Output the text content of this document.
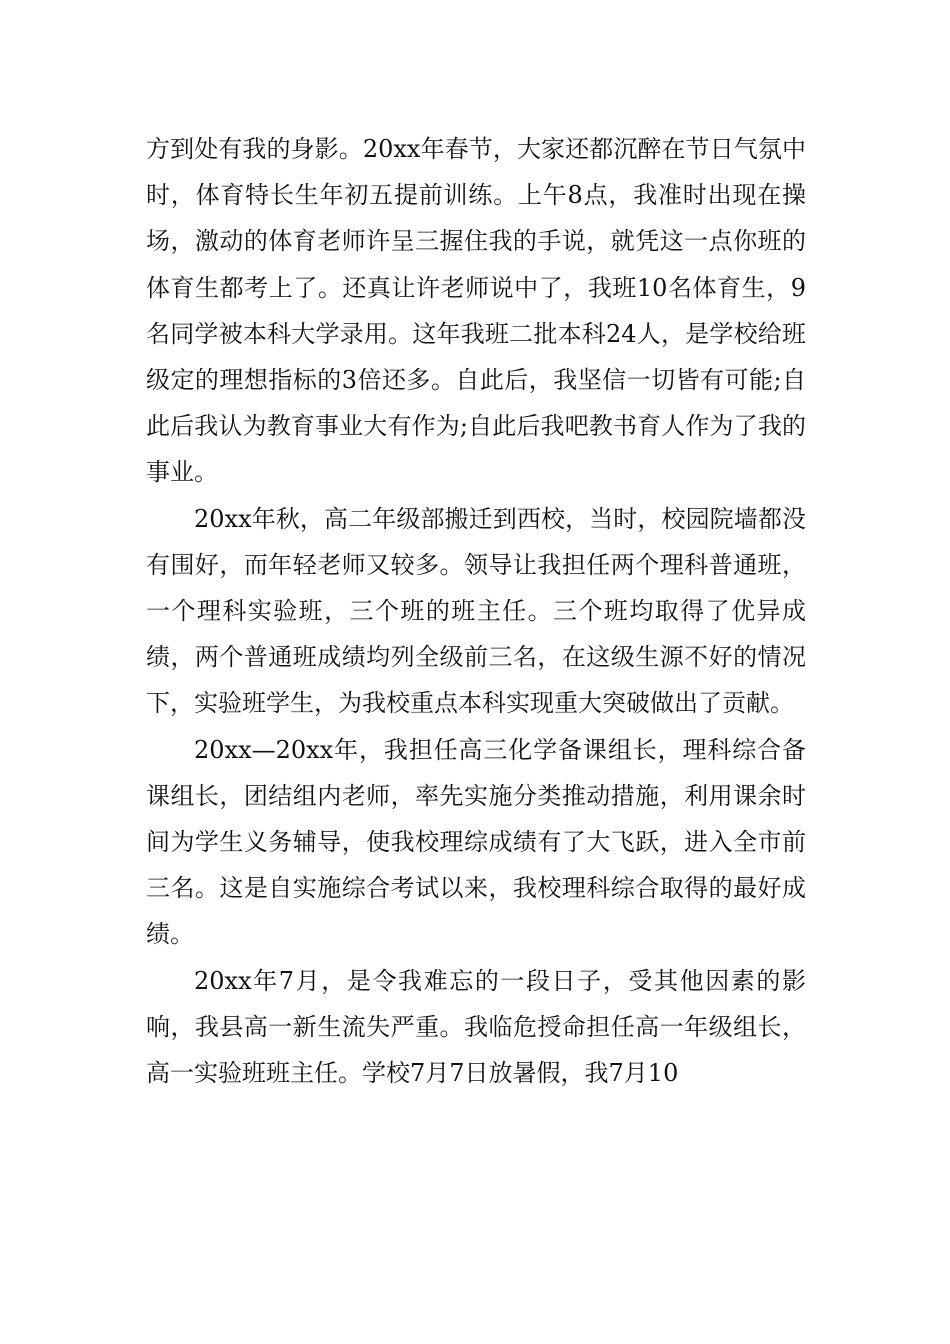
方到处有我的身影。20xx年春节，大家还都沉醉在节日气氛中时，体育特长生年初五提前训练。上午8点，我准时出现在操场，激动的体育老师许呈三握住我的手说，就凭这一点你班的体育生都考上了。还真让许老师说中了，我班10名体育生，9名同学被本科大学录用。这年我班二批本科24人，是学校给班级定的理想指标的3倍还多。自此后，我坚信一切皆有可能;自此后我认为教育事业大有作为;自此后我吧教书育人作为了我的事业。

20xx年秋，高二年级部搬迁到西校，当时，校园院墙都没有围好，而年轻老师又较多。领导让我担任两个理科普通班，一个理科实验班，三个班的班主任。三个班均取得了优异成绩，两个普通班成绩均列全级前三名，在这级生源不好的情况下，实验班学生，为我校重点本科实现重大突破做出了贡献。

20xx—20xx年，我担任高三化学备课组长，理科综合备课组长，团结组内老师，率先实施分类推动措施，利用课余时间为学生义务辅导，使我校理综成绩有了大飞跃，进入全市前三名。这是自实施综合考试以来，我校理科综合取得的最好成绩。

20xx年7月，是令我难忘的一段日子，受其他因素的影响，我县高一新生流失严重。我临危授命担任高一年级组长，高一实验班班主任。学校7月7日放暑假，我7月10
